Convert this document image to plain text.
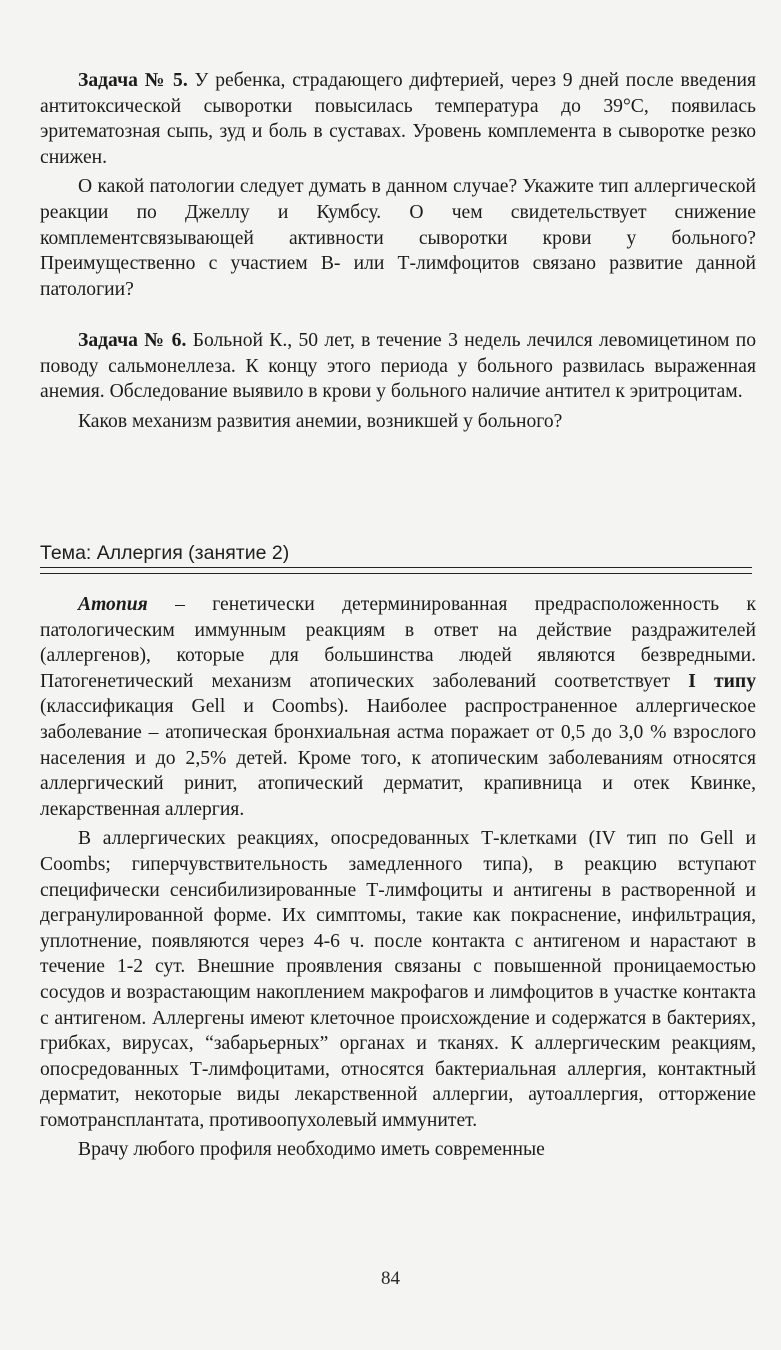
Задача № 5. У ребенка, страдающего дифтерией, через 9 дней после введения антитоксической сыворотки повысилась температура до 39°С, появилась эритематозная сыпь, зуд и боль в суставах. Уровень комплемента в сыворотке резко снижен.

О какой патологии следует думать в данном случае? Укажите тип аллергической реакции по Джеллу и Кумбсу. О чем свидетельствует снижение комплементсвязывающей активности сыворотки крови у больного? Преимущественно с участием В- или Т-лимфоцитов связано развитие данной патологии?

Задача № 6. Больной К., 50 лет, в течение 3 недель лечился левомицетином по поводу сальмонеллеза. К концу этого периода у больного развилась выраженная анемия. Обследование выявило в крови у больного наличие антител к эритроцитам.

Каков механизм развития анемии, возникшей у больного?

Тема: Аллергия (занятие 2)

Атопия – генетически детерминированная предрасположенность к патологическим иммунным реакциям в ответ на действие раздражителей (аллергенов), которые для большинства людей являются безвредными. Патогенетический механизм атопических заболеваний соответствует I типу (классификация Gell и Coombs). Наиболее распространенное аллергическое заболевание – атопическая бронхиальная астма поражает от 0,5 до 3,0 % взрослого населения и до 2,5% детей. Кроме того, к атопическим заболеваниям относятся аллергический ринит, атопический дерматит, крапивница и отек Квинке, лекарственная аллергия.

В аллергических реакциях, опосредованных Т-клетками (IV тип по Gell и Coombs; гиперчувствительность замедленного типа), в реакцию вступают специфически сенсибилизированные Т-лимфоциты и антигены в растворенной и дегранулированной форме. Их симптомы, такие как покраснение, инфильтрация, уплотнение, появляются через 4-6 ч. после контакта с антигеном и нарастают в течение 1-2 сут. Внешние проявления связаны с повышенной проницаемостью сосудов и возрастающим накоплением макрофагов и лимфоцитов в участке контакта с антигеном. Аллергены имеют клеточное происхождение и содержатся в бактериях, грибках, вирусах, “забарьерных” органах и тканях. К аллергическим реакциям, опосредованных Т-лимфоцитами, относятся бактериальная аллергия, контактный дерматит, некоторые виды лекарственной аллергии, аутоаллергия, отторжение гомотрансплантата, противоопухолевый иммунитет.

Врачу любого профиля необходимо иметь современные

84
